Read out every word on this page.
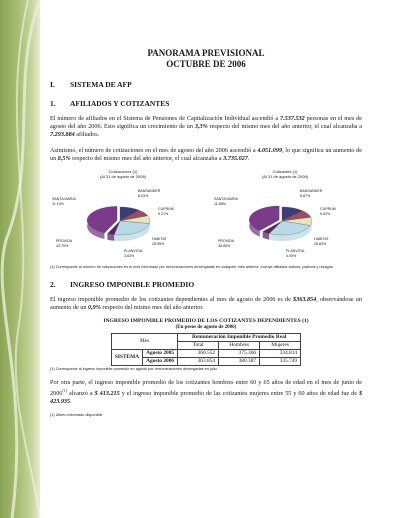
PANORAMA PREVISIONAL
OCTUBRE DE 2006
I.	SISTEMA DE AFP
1.	AFILIADOS Y COTIZANTES
El número de afiliados en el Sistema de Pensiones de Capitalización Individual ascendió a 7.537.532 personas en el mes de agosto del año 2006. Esto significa un crecimiento de un 3,3% respecto del mismo mes del año anterior, el cual alcanzaba a 7.293.884 afiliados.
Asimismo, el número de cotizaciones en el mes de agosto del año 2006 ascendió a 4.051.099, lo que significa un aumento de un 8,5% respecto del mismo mes del año anterior, el cual alcanzaba a 3.735.027.
Cotizaciones (1)
(Al 31 de agosto de 2006)
SANTA MARIA
11.13%
BANSANDER
8.03%
CUPRUM
9.21%
HABITAT
25.55%
PLANVITAL
3.83%
PROVIDA
43.75%
Cotizantes (1)
(Al 31 de agosto de 2006)
SANTA MARIA
11.88%
BANSANDER
8.87%
CUPRUM
9.52%
HABITAT
26.83%
PLANVITAL
4.05%
PROVIDA
38.85%
(1) Corresponde al número de cotizaciones en el mes informado por remuneraciones devengadas en cualquier mes anterior, incluye afiliados activos, pasivos y rezagos.
2.	INGRESO IMPONIBLE PROMEDIO
El ingreso imponible promedio de los cotizantes dependientes al mes de agosto de 2006 es de $363.854, observándose un aumento de un 0,9% respecto del mismo mes del año anterior.
INGRESO IMPONIBLE PROMEDIO DE LOS COTIZANTES DEPENDIENTES (1)
(En pesos de agosto de 2006)
Mes		Remuneración Imponible Promedio Real		
		Total	Hombres	Mujeres
SISTEMA	Agosto 2005	360.552	375.366	334.814
	Agosto 2006	363.854	380.387	335.749
(1) Corresponde al ingreso imponible promedio en agosto por remuneraciones devengadas en julio.
Por otra parte, el ingreso imponible promedio de los cotizantes hombres entre 60 y 65 años de edad en el mes de junio de 2006$^{(1)}$ alcanzó a $ 413.215 y el ingreso imponible promedio de las cotizantes mujeres entre 55 y 60 años de edad fue de $ 423.935.
(1) Ultimo informado disponible
